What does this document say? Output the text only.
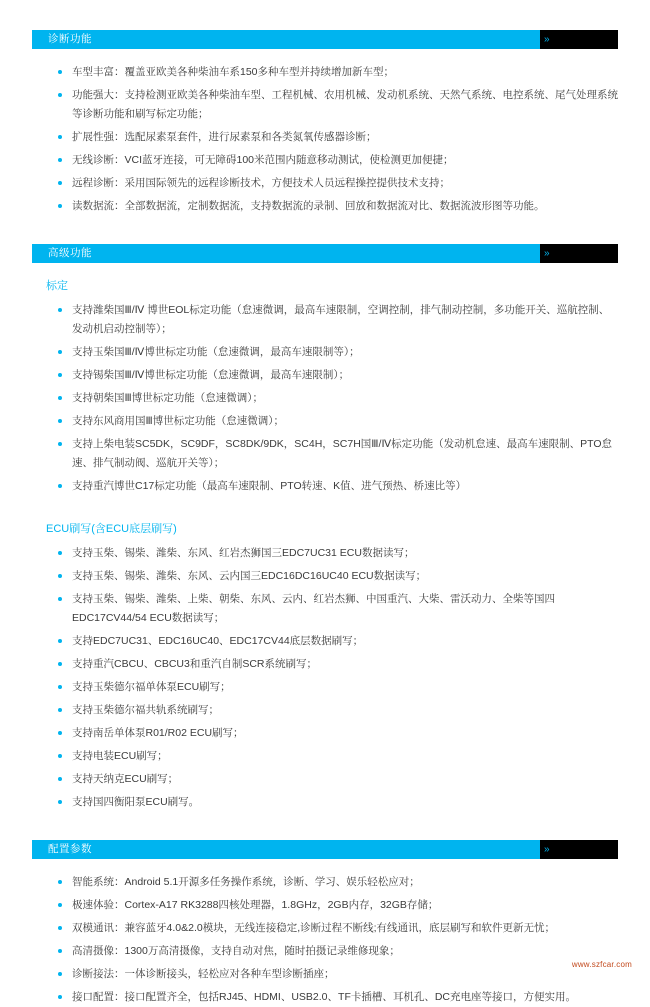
诊断功能	»
车型丰富：覆盖亚欧美各种柴油车系150多种车型并持续增加新车型；
功能强大：支持检测亚欧美各种柴油车型、工程机械、农用机械、发动机系统、天然气系统、电控系统、尾气处理系统等诊断功能和刷写标定功能；
扩展性强：选配尿素泵套件，进行尿素泵和各类氮氧传感器诊断；
无线诊断：VCI蓝牙连接，可无障碍100米范围内随意移动测试，使检测更加便捷；
远程诊断：采用国际领先的远程诊断技术，方便技术人员远程操控提供技术支持；
读数据流：全部数据流，定制数据流，支持数据流的录制、回放和数据流对比、数据流波形图等功能。
高级功能	»
标定
支持潍柴国Ⅲ/Ⅳ 博世EOL标定功能（怠速微调，最高车速限制，空调控制，排气制动控制，多功能开关、巡航控制、发动机启动控制等）；
支持玉柴国Ⅲ/Ⅳ博世标定功能（怠速微调，最高车速限制等）；
支持锡柴国Ⅲ/Ⅳ博世标定功能（怠速微调，最高车速限制）；
支持朝柴国Ⅲ博世标定功能（怠速微调）；
支持东风商用国Ⅲ博世标定功能（怠速微调）；
支持上柴电装SC5DK，SC9DF，SC8DK/9DK，SC4H，SC7H国Ⅲ/Ⅳ标定功能（发动机怠速、最高车速限制、PTO怠速、排气制动阀、巡航开关等）；
支持重汽博世C17标定功能（最高车速限制、PTO转速、K值、进气预热、桥速比等）
ECU刷写(含ECU底层刷写)
支持玉柴、锡柴、潍柴、东风、红岩杰狮国三EDC7UC31 ECU数据读写；
支持玉柴、锡柴、潍柴、东风、云内国三EDC16DC16UC40 ECU数据读写；
支持玉柴、锡柴、潍柴、上柴、朝柴、东风、云内、红岩杰狮、中国重汽、大柴、雷沃动力、全柴等国四EDC17CV44/54 ECU数据读写；
支持EDC7UC31、EDC16UC40、EDC17CV44底层数据刷写；
支持重汽CBCU、CBCU3和重汽自制SCR系统刷写；
支持玉柴德尔福单体泵ECU刷写；
支持玉柴德尔福共轨系统刷写；
支持南岳单体泵R01/R02 ECU刷写；
支持电装ECU刷写；
支持天纳克ECU刷写；
支持国四衡阳泵ECU刷写。
配置参数	»
智能系统：Android 5.1开源多任务操作系统，诊断、学习、娱乐轻松应对；
极速体验：Cortex-A17 RK3288四核处理器，1.8GHz，2GB内存，32GB存储；
双模通讯：兼容蓝牙4.0&2.0模块，无线连接稳定,诊断过程不断线;有线通讯，底层刷写和软件更新无忧；
高清摄像：1300万高清摄像，支持自动对焦，随时拍摄记录维修现象；
诊断接法：一体诊断接头，轻松应对各种车型诊断插座；
接口配置：接口配置齐全，包括RJ45、HDMI、USB2.0、TF卡插槽、耳机孔、DC充电座等接口，方便实用。
www.szfcar.com
